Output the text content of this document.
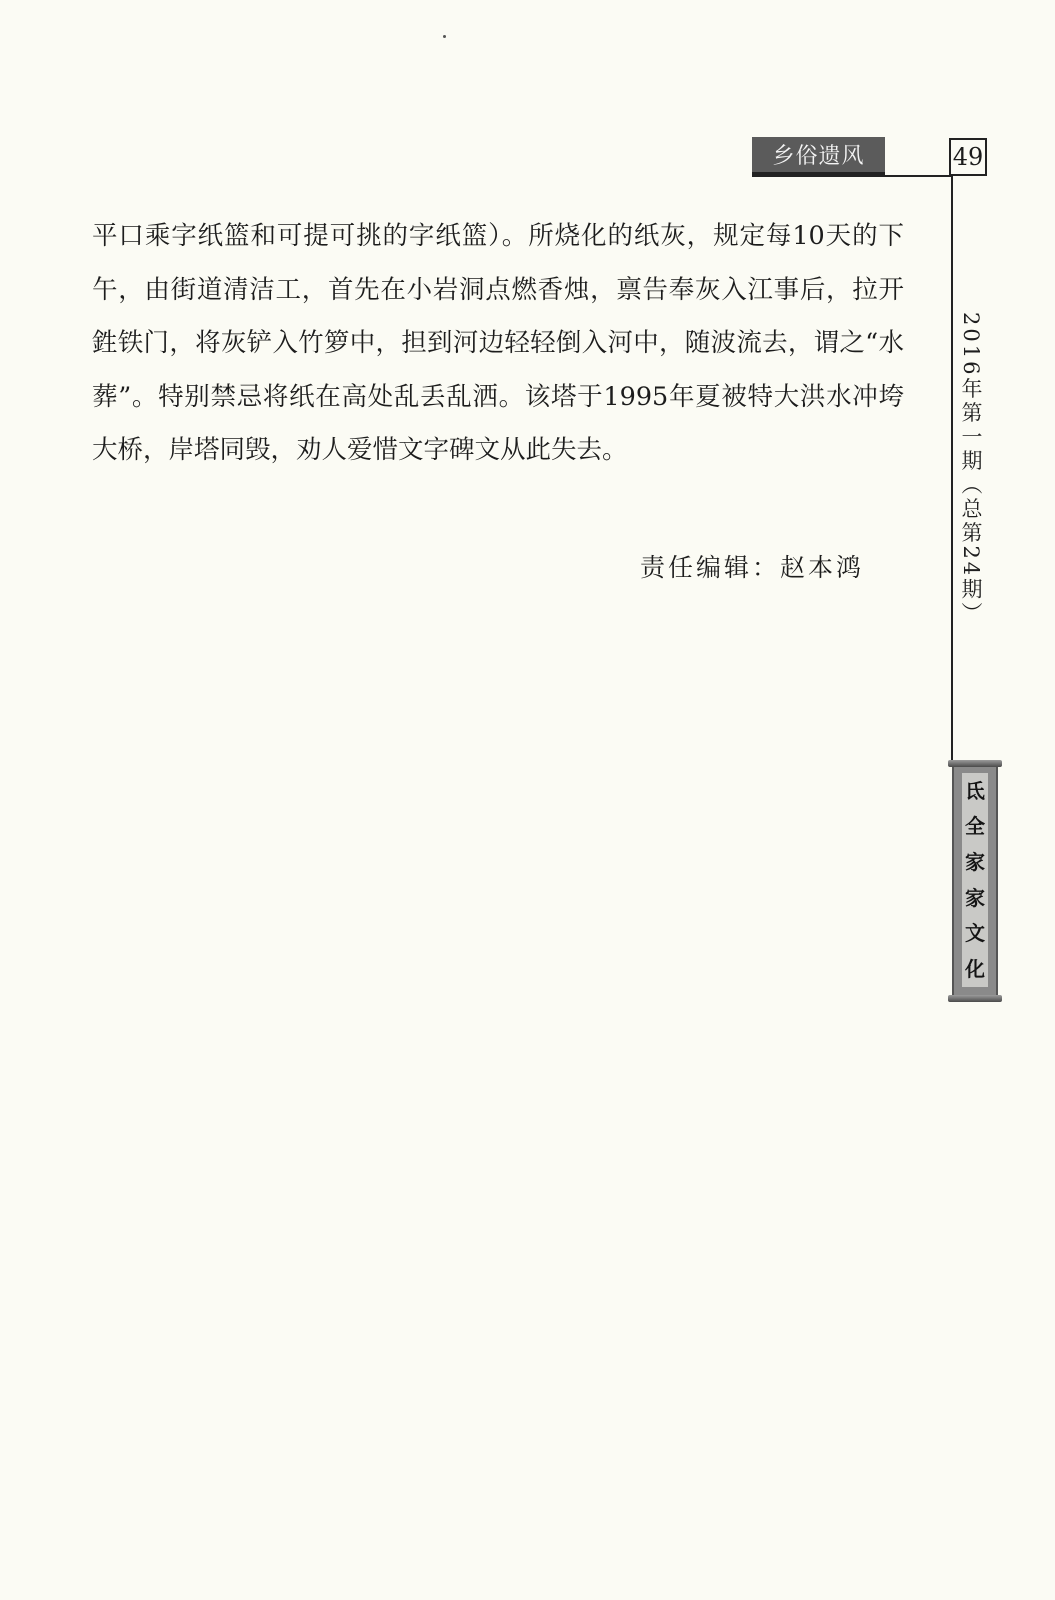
乡俗遗风	49
2016年第一期（总第24期）
氐
全
家
家
文
化

平口乘字纸篮和可提可挑的字纸篮）。所烧化的纸灰，规定每10天的下午，由街道清洁工，首先在小岩洞点燃香烛，禀告奉灰入江事后，拉开鉎铁门，将灰铲入竹箩中，担到河边轻轻倒入河中，随波流去，谓之“水葬”。特别禁忌将纸在高处乱丢乱洒。该塔于1995年夏被特大洪水冲垮大桥，岸塔同毁，劝人爱惜文字碑文从此失去。

责任编辑：赵本鸿
